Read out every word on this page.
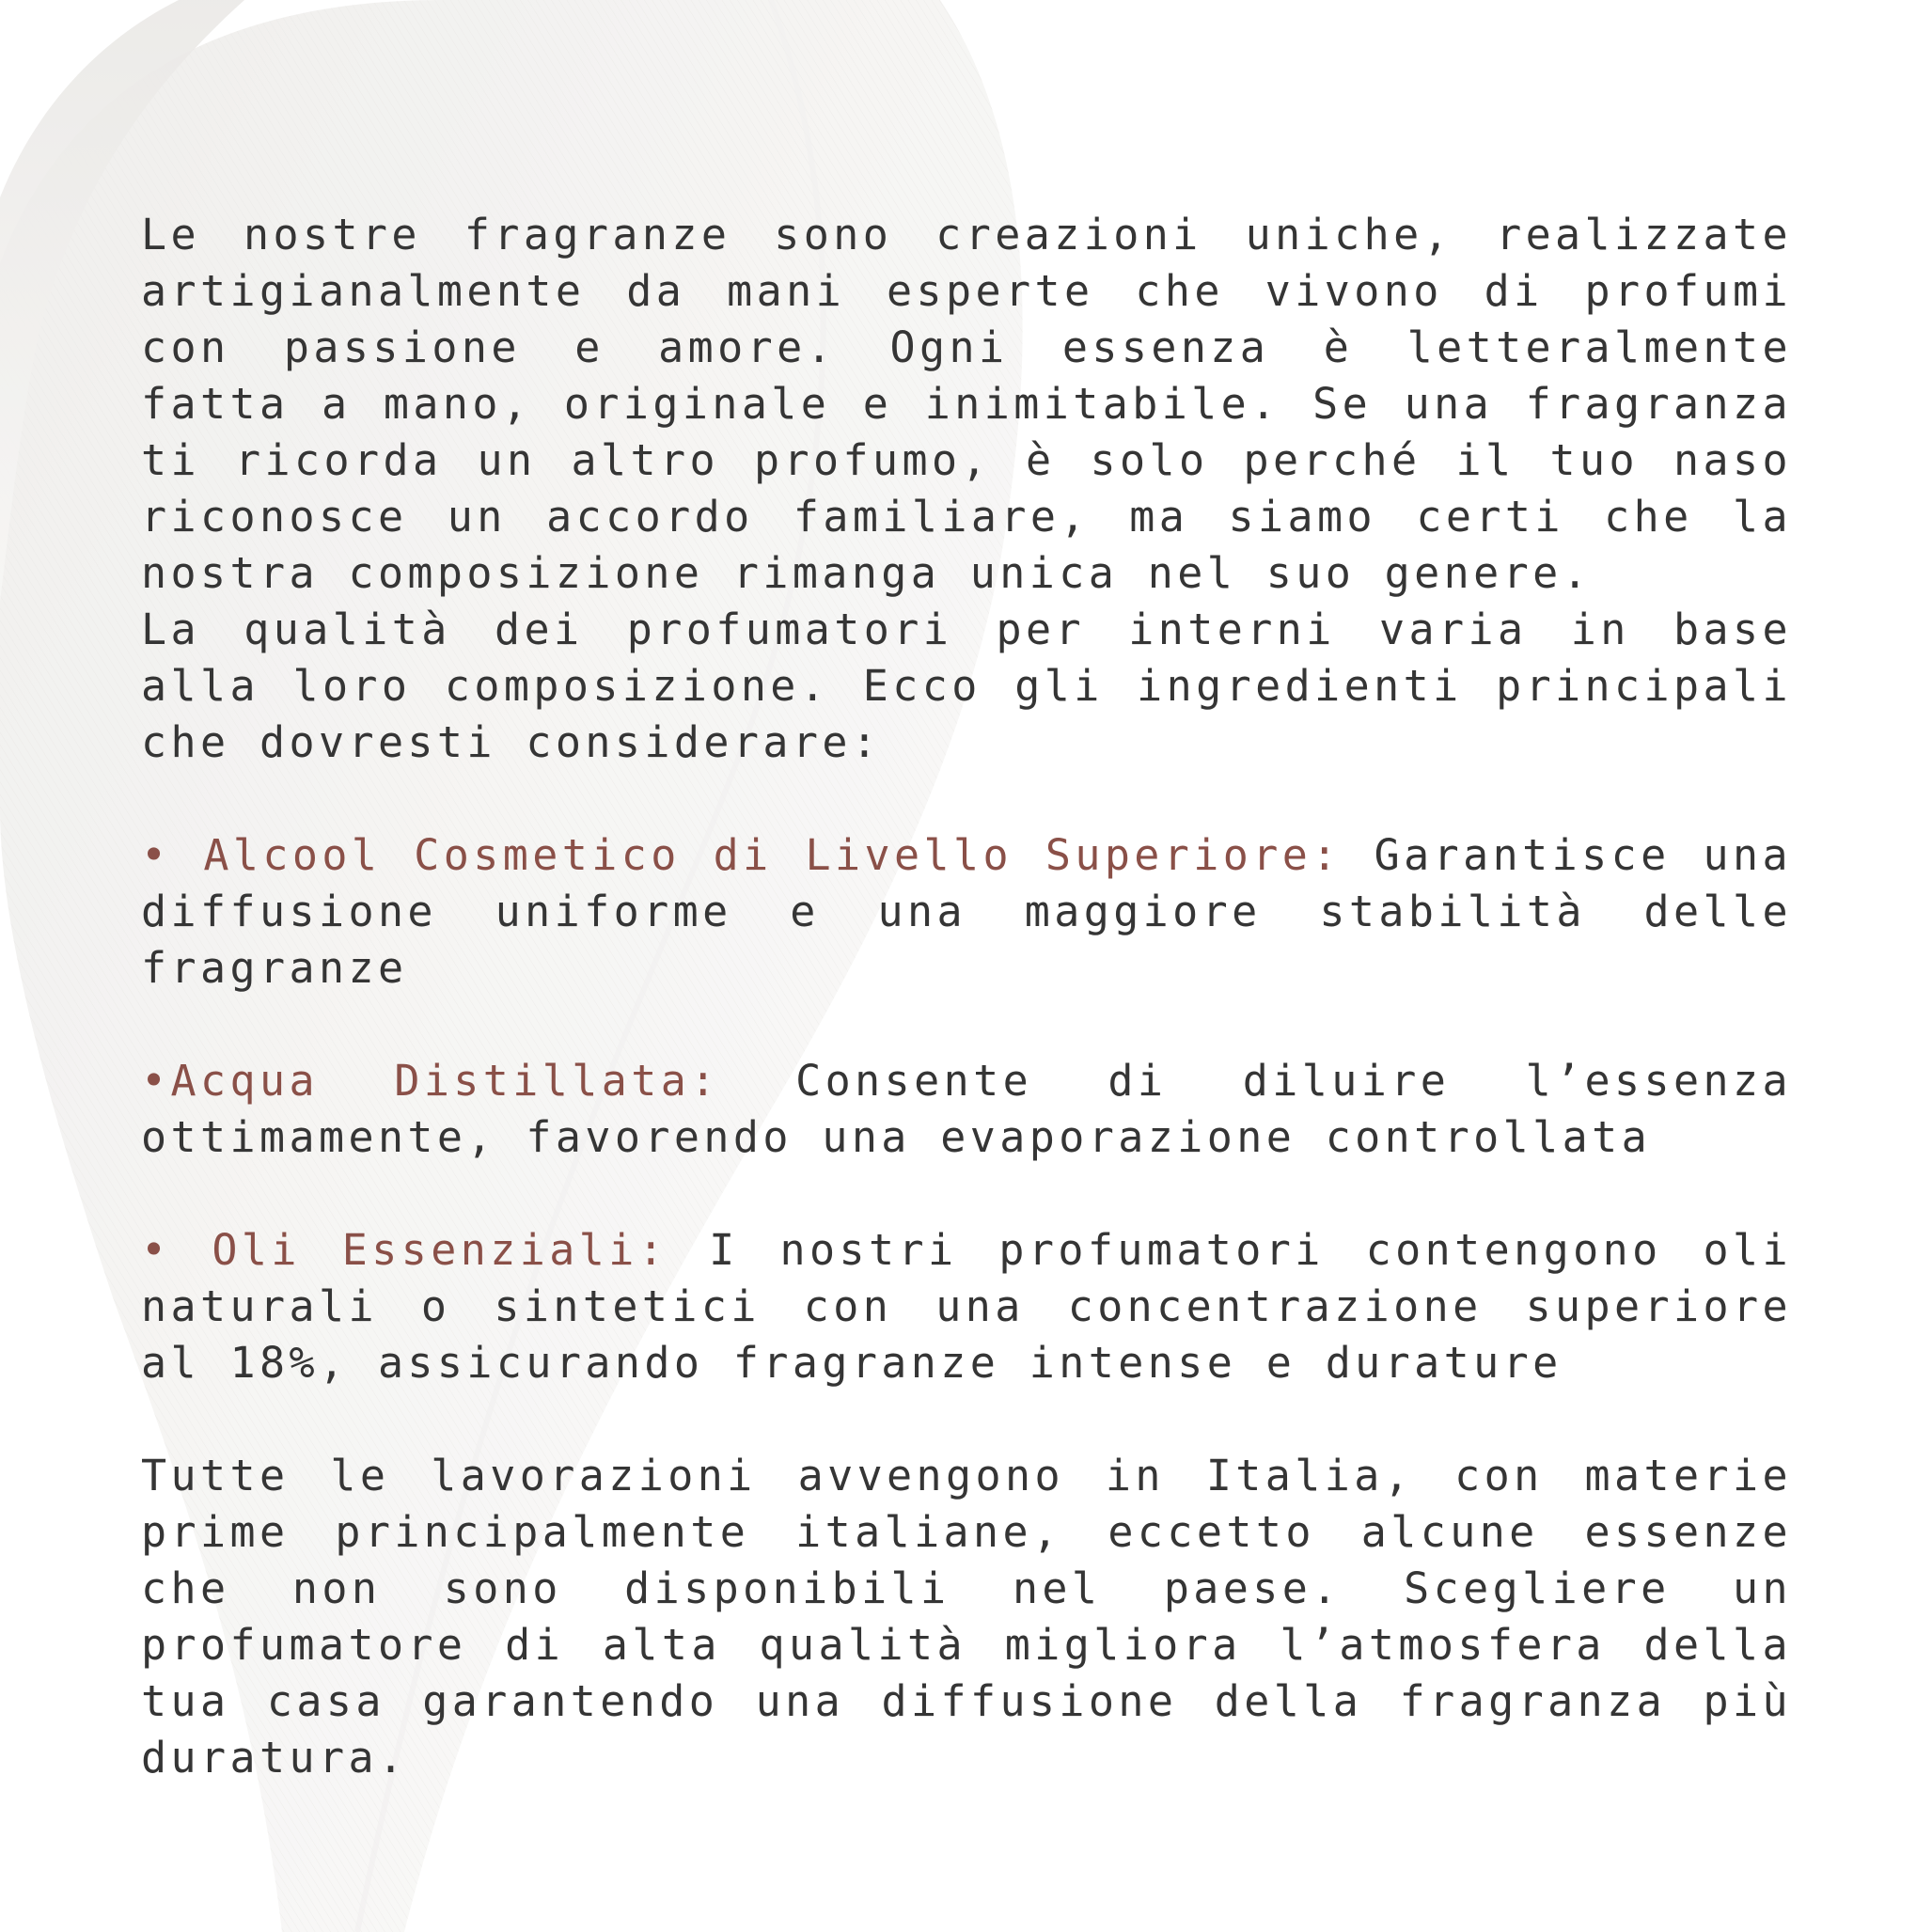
Le nostre fragranze sono creazioni uniche, realizzate artigianalmente da mani esperte che vivono di profumi con passione e amore. Ogni essenza è letteralmente fatta a mano, originale e inimitabile. Se una fragranza ti ricorda un altro profumo, è solo perché il tuo naso riconosce un accordo familiare, ma siamo certi che la nostra composizione rimanga unica nel suo genere.

La qualità dei profumatori per interni varia in base alla loro composizione. Ecco gli ingredienti principali che dovresti considerare:

• Alcool Cosmetico di Livello Superiore: Garantisce una diffusione uniforme e una maggiore stabilità delle fragranze

•Acqua Distillata: Consente di diluire l’essenza ottimamente, favorendo una evaporazione controllata

• Oli Essenziali: I nostri profumatori contengono oli naturali o sintetici con una concentrazione superiore al 18%, assicurando fragranze intense e durature

Tutte le lavorazioni avvengono in Italia, con materie prime principalmente italiane, eccetto alcune essenze che non sono disponibili nel paese. Scegliere un profumatore di alta qualità migliora l’atmosfera della tua casa garantendo una diffusione della fragranza più duratura.
